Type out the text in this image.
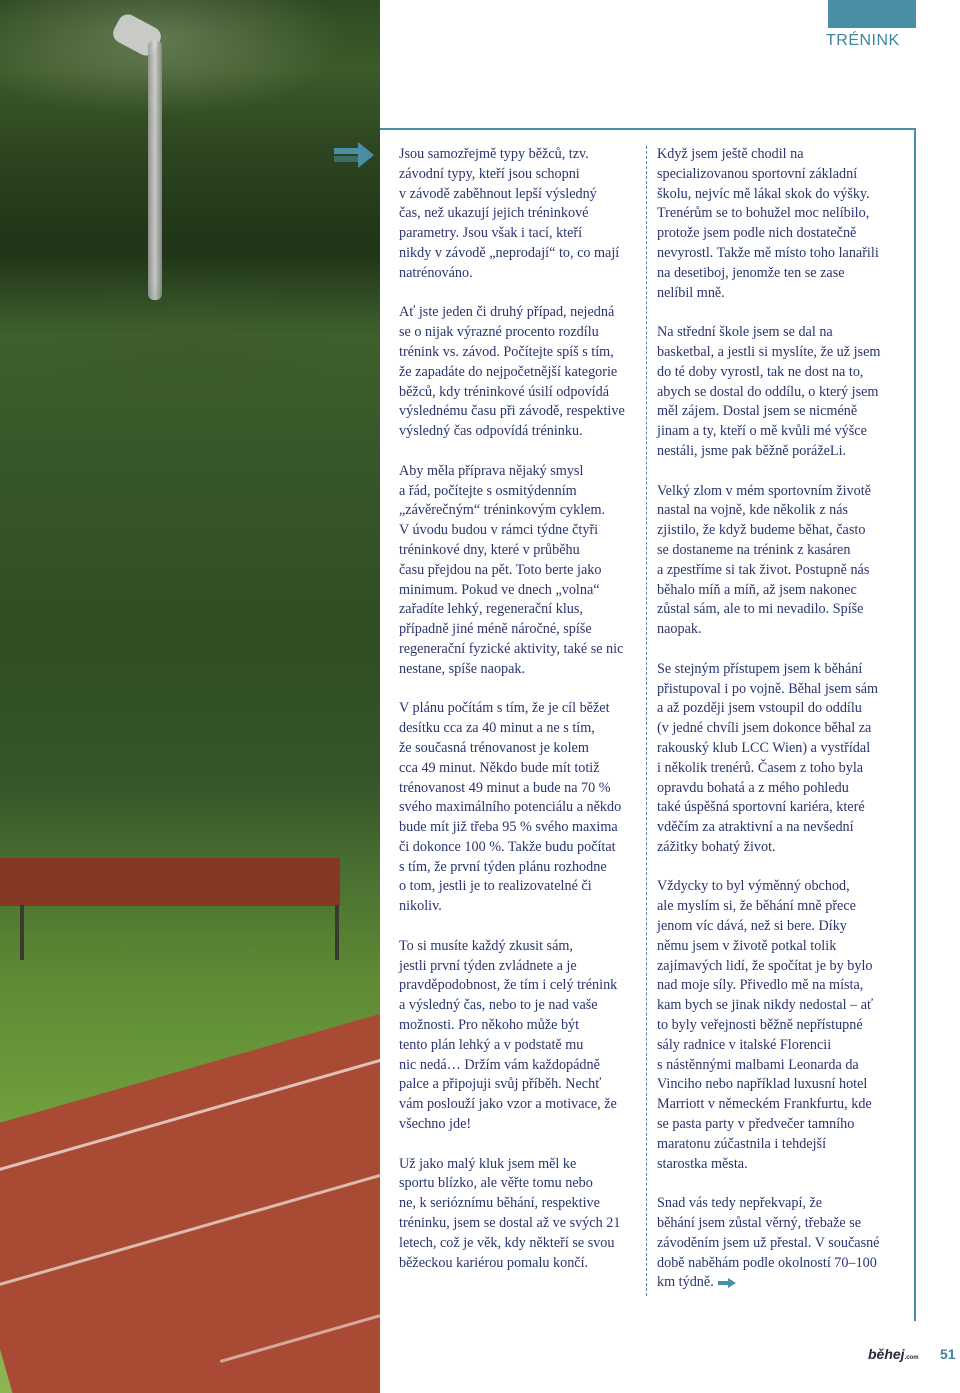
TRÉNINK

Jsou samozřejmě typy běžců, tzv.
závodní typy, kteří jsou schopni
v závodě zaběhnout lepší výsledný
čas, než ukazují jejich tréninkové
parametry. Jsou však i tací, kteří
nikdy v závodě „neprodají“ to, co mají
natrénováno.

Ať jste jeden či druhý případ, nejedná
se o nijak výrazné procento rozdílu
trénink vs. závod. Počítejte spíš s tím,
že zapadáte do nejpočetnější kategorie
běžců, kdy tréninkové úsilí odpovídá
výslednému času při závodě, respektive
výsledný čas odpovídá tréninku.

Aby měla příprava nějaký smysl
a řád, počítejte s osmitýdenním
„závěrečným“ tréninkovým cyklem.
V úvodu budou v rámci týdne čtyři
tréninkové dny, které v průběhu
času přejdou na pět. Toto berte jako
minimum. Pokud ve dnech „volna“
zařadíte lehký, regenerační klus,
případně jiné méně náročné, spíše
regenerační fyzické aktivity, také se nic
nestane, spíše naopak.

V plánu počítám s tím, že je cíl běžet
desítku cca za 40 minut a ne s tím,
že současná trénovanost je kolem
cca 49 minut. Někdo bude mít totiž
trénovanost 49 minut a bude na 70 %
svého maximálního potenciálu a někdo
bude mít již třeba 95 % svého maxima
či dokonce 100 %. Takže budu počítat
s tím, že první týden plánu rozhodne
o tom, jestli je to realizovatelné či
nikoliv.

To si musíte každý zkusit sám,
jestli první týden zvládnete a je
pravděpodobnost, že tím i celý trénink
a výsledný čas, nebo to je nad vaše
možnosti. Pro někoho může být
tento plán lehký a v podstatě mu
nic nedá… Držím vám každopádně
palce a připojuji svůj příběh. Nechť
vám poslouží jako vzor a motivace, že
všechno jde!

Už jako malý kluk jsem měl ke
sportu blízko, ale věřte tomu nebo
ne, k serióznímu běhání, respektive
tréninku, jsem se dostal až ve svých 21
letech, což je věk, kdy někteří se svou
běžeckou kariérou pomalu končí.

Když jsem ještě chodil na
specializovanou sportovní základní
školu, nejvíc mě lákal skok do výšky.
Trenérům se to bohužel moc nelíbilo,
protože jsem podle nich dostatečně
nevyrostl. Takže mě místo toho lanařili
na desetiboj, jenomže ten se zase
nelíbil mně.

Na střední škole jsem se dal na
basketbal, a jestli si myslíte, že už jsem
do té doby vyrostl, tak ne dost na to,
abych se dostal do oddílu, o který jsem
měl zájem. Dostal jsem se nicméně
jinam a ty, kteří o mě kvůli mé výšce
nestáli, jsme pak běžně porážeLi.

Velký zlom v mém sportovním životě
nastal na vojně, kde několik z nás
zjistilo, že když budeme běhat, často
se dostaneme na trénink z kasáren
a zpestříme si tak život. Postupně nás
běhalo míň a míň, až jsem nakonec
zůstal sám, ale to mi nevadilo. Spíše
naopak.

Se stejným přístupem jsem k běhání
přistupoval i po vojně. Běhal jsem sám
a až později jsem vstoupil do oddílu
(v jedné chvíli jsem dokonce běhal za
rakouský klub LCC Wien) a vystřídal
i několik trenérů. Časem z toho byla
opravdu bohatá a z mého pohledu
také úspěšná sportovní kariéra, které
vděčím za atraktivní a na nevšední
zážitky bohatý život.

Vždycky to byl výměnný obchod,
ale myslím si, že běhání mně přece
jenom víc dává, než si bere. Díky
němu jsem v životě potkal tolik
zajímavých lidí, že spočítat je by bylo
nad moje síly. Přivedlo mě na místa,
kam bych se jinak nikdy nedostal – ať
to byly veřejnosti běžně nepřístupné
sály radnice v italské Florencii
s nástěnnými malbami Leonarda da
Vinciho nebo například luxusní hotel
Marriott v německém Frankfurtu, kde
se pasta party v předvečer tamního
maratonu zúčastnila i tehdejší
starostka města.

Snad vás tedy nepřekvapí, že
běhání jsem zůstal věrný, třebaže se
závoděním jsem už přestal. V současné
době naběhám podle okolností 70–100
km týdně.

běhej.com 51
